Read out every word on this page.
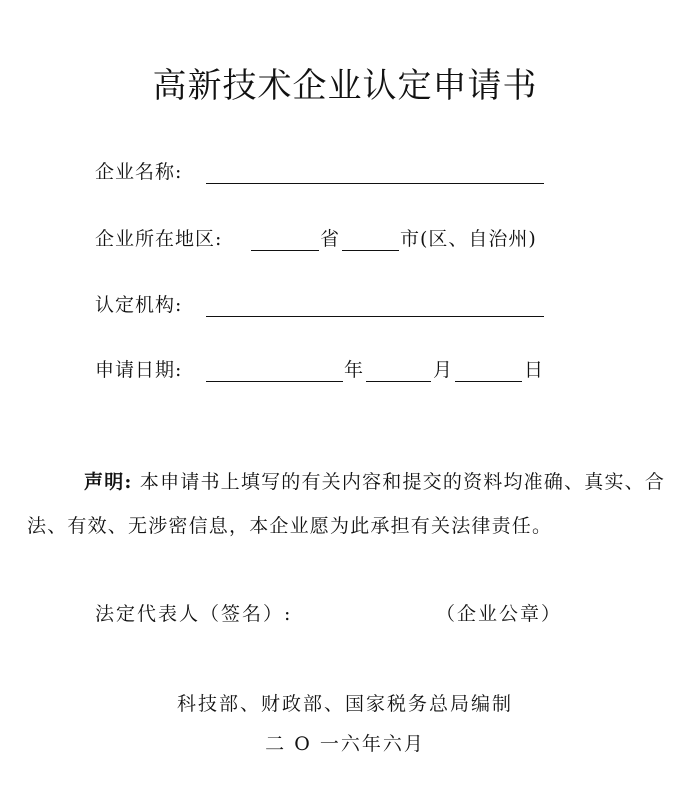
高新技术企业认定申请书
企业名称:
企业所在地区:	省	市(区、自治州)
认定机构:
申请日期:	年	月	日
声明: 本申请书上填写的有关内容和提交的资料均准确、真实、合法、有效、无涉密信息，本企业愿为此承担有关法律责任。
法定代表人（签名）:	（企业公章）
科技部、财政部、国家税务总局编制
二 O 一六年六月
